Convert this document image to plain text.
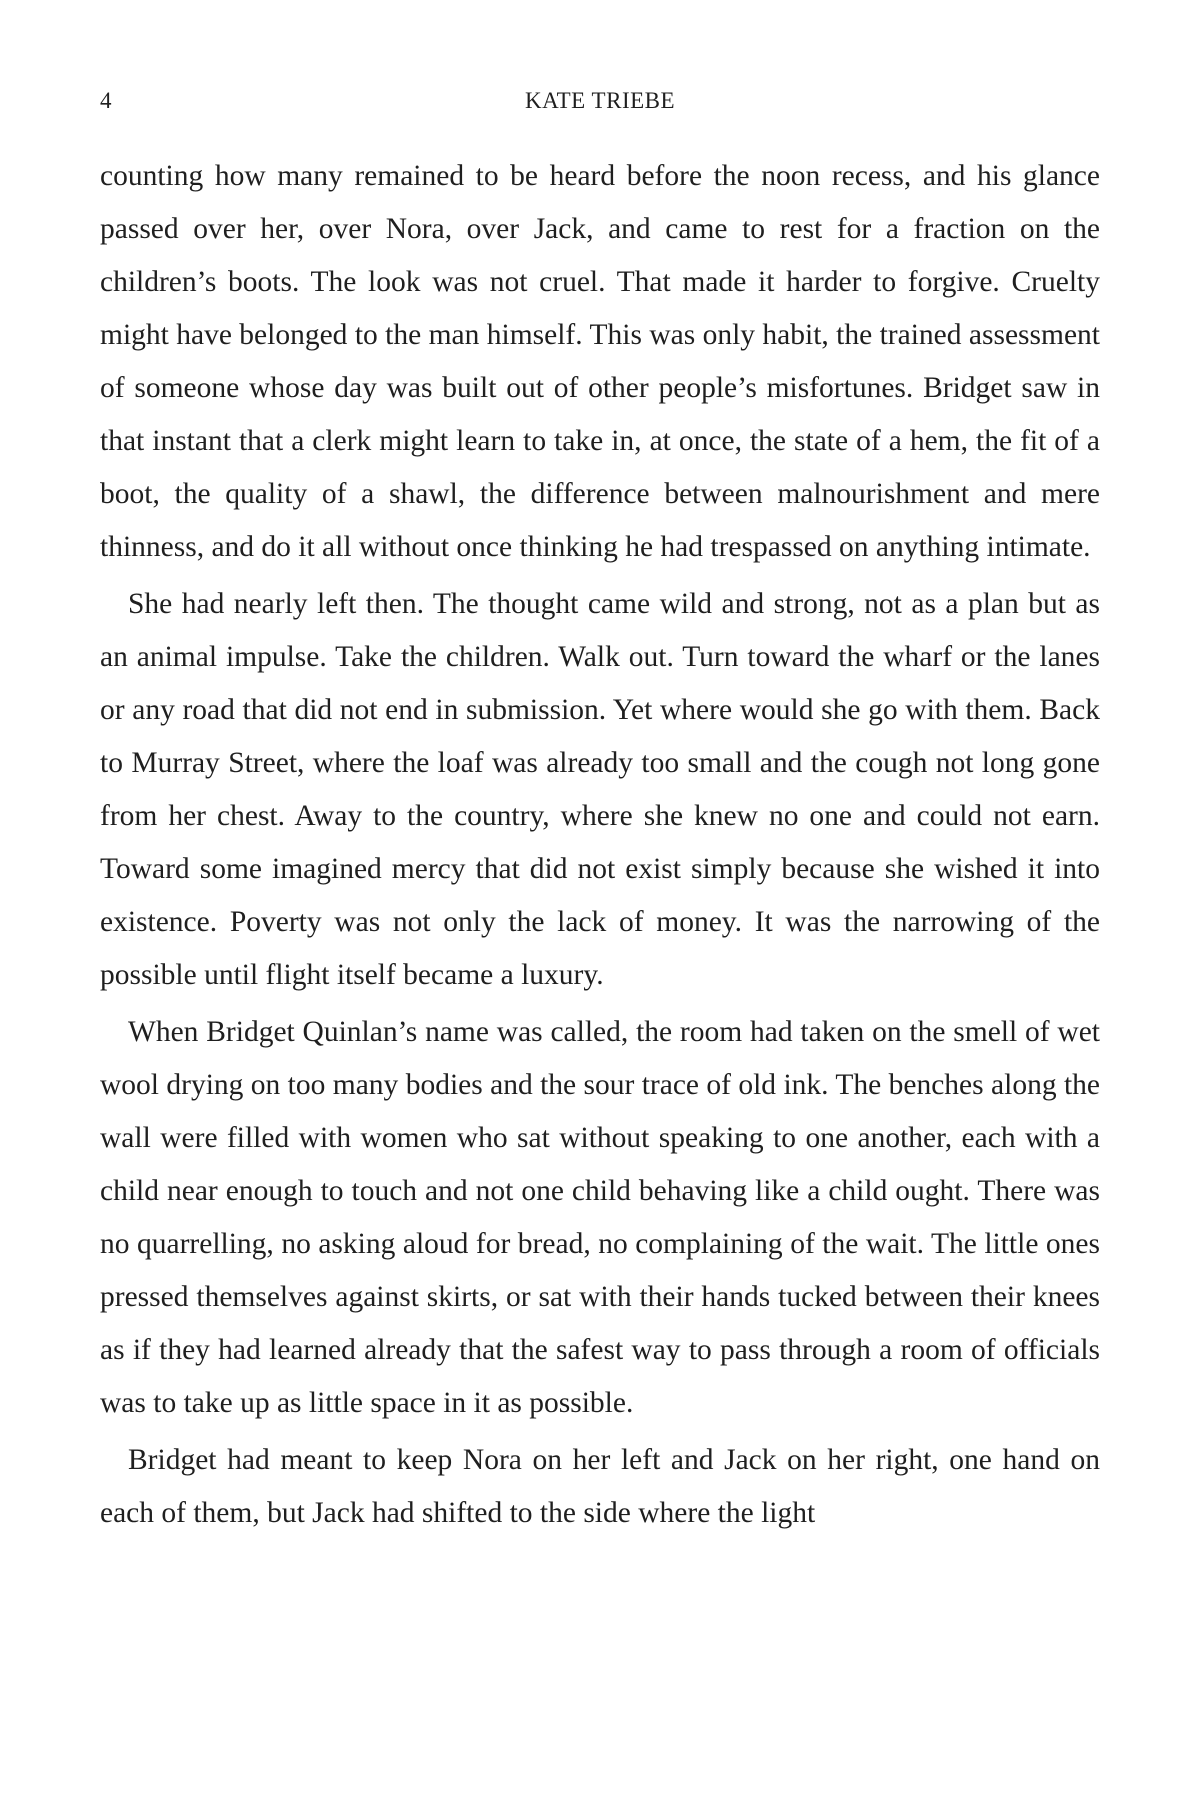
4	KATE TRIEBE

counting how many remained to be heard before the noon recess, and his glance passed over her, over Nora, over Jack, and came to rest for a fraction on the children’s boots. The look was not cruel. That made it harder to forgive. Cruelty might have belonged to the man himself. This was only habit, the trained assessment of someone whose day was built out of other people’s misfortunes. Bridget saw in that instant that a clerk might learn to take in, at once, the state of a hem, the fit of a boot, the quality of a shawl, the difference between malnourishment and mere thinness, and do it all without once thinking he had trespassed on anything intimate.

She had nearly left then. The thought came wild and strong, not as a plan but as an animal impulse. Take the children. Walk out. Turn toward the wharf or the lanes or any road that did not end in submission. Yet where would she go with them. Back to Murray Street, where the loaf was already too small and the cough not long gone from her chest. Away to the country, where she knew no one and could not earn. Toward some imagined mercy that did not exist simply because she wished it into existence. Poverty was not only the lack of money. It was the narrowing of the possible until flight itself became a luxury.

When Bridget Quinlan’s name was called, the room had taken on the smell of wet wool drying on too many bodies and the sour trace of old ink. The benches along the wall were filled with women who sat without speaking to one another, each with a child near enough to touch and not one child behaving like a child ought. There was no quarrelling, no asking aloud for bread, no complaining of the wait. The little ones pressed themselves against skirts, or sat with their hands tucked between their knees as if they had learned already that the safest way to pass through a room of officials was to take up as little space in it as possible.

Bridget had meant to keep Nora on her left and Jack on her right, one hand on each of them, but Jack had shifted to the side where the light
